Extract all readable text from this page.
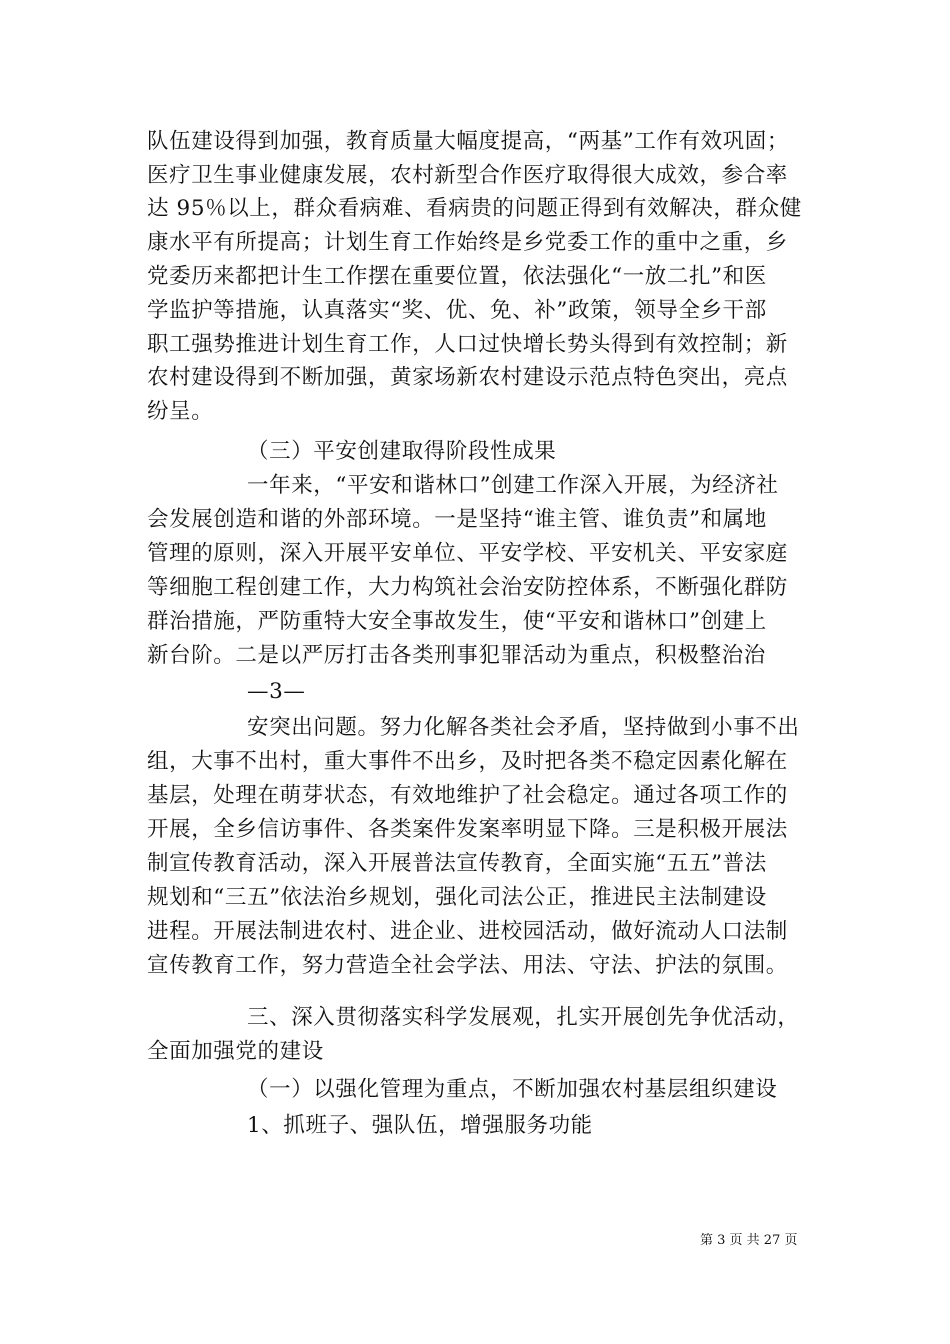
队伍建设得到加强，教育质量大幅度提高，“两基”工作有效巩固；
医疗卫生事业健康发展，农村新型合作医疗取得很大成效，参合率
达 95％以上，群众看病难、看病贵的问题正得到有效解决，群众健
康水平有所提高；计划生育工作始终是乡党委工作的重中之重，乡
党委历来都把计生工作摆在重要位置，依法强化“一放二扎”和医
学监护等措施，认真落实“奖、优、免、补”政策，领导全乡干部
职工强势推进计划生育工作，人口过快增长势头得到有效控制；新
农村建设得到不断加强，黄家场新农村建设示范点特色突出，亮点
纷呈。
（三）平安创建取得阶段性成果
一年来，“平安和谐林口”创建工作深入开展，为经济社
会发展创造和谐的外部环境。一是坚持“谁主管、谁负责”和属地
管理的原则，深入开展平安单位、平安学校、平安机关、平安家庭
等细胞工程创建工作，大力构筑社会治安防控体系，不断强化群防
群治措施，严防重特大安全事故发生，使“平安和谐林口”创建上
新台阶。二是以严厉打击各类刑事犯罪活动为重点，积极整治治
—3—
安突出问题。努力化解各类社会矛盾，坚持做到小事不出
组，大事不出村，重大事件不出乡，及时把各类不稳定因素化解在
基层，处理在萌芽状态，有效地维护了社会稳定。通过各项工作的
开展，全乡信访事件、各类案件发案率明显下降。三是积极开展法
制宣传教育活动，深入开展普法宣传教育，全面实施“五五”普法
规划和“三五”依法治乡规划，强化司法公正，推进民主法制建设
进程。开展法制进农村、进企业、进校园活动，做好流动人口法制
宣传教育工作，努力营造全社会学法、用法、守法、护法的氛围。
三、深入贯彻落实科学发展观，扎实开展创先争优活动，
全面加强党的建设
（一）以强化管理为重点，不断加强农村基层组织建设
1、抓班子、强队伍，增强服务功能
第 3 页 共 27 页
